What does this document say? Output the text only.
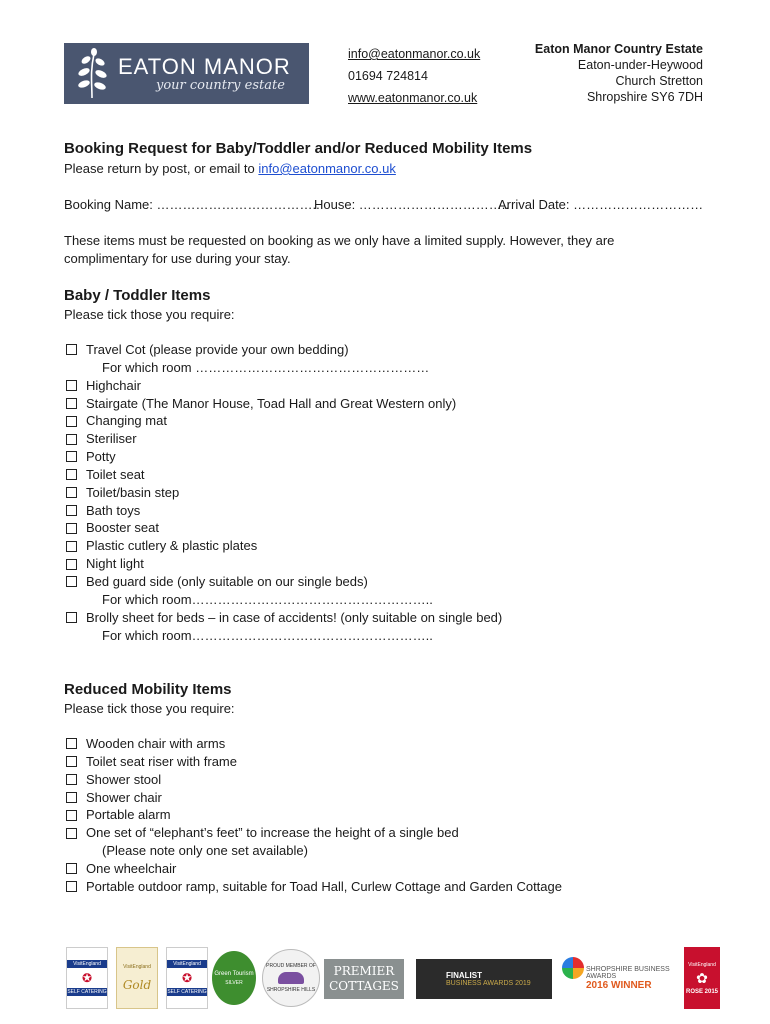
EATON MANOR
your country estate
info@eatonmanor.co.uk
01694 724814
www.eatonmanor.co.uk
Eaton Manor Country Estate
Eaton-under-Heywood
Church Stretton
Shropshire SY6 7DH
Booking Request for Baby/Toddler and/or Reduced Mobility Items
Please return by post, or email to info@eatonmanor.co.uk
Booking Name: ………………………………..
House: ……………………………..
Arrival Date: …………………………
These items must be requested on booking as we only have a limited supply. However, they are complimentary for use during your stay.
Baby / Toddler Items
Please tick those you require:
Travel Cot (please provide your own bedding)
For which room ………………………………………………
Highchair
Stairgate (The Manor House, Toad Hall and Great Western only)
Changing mat
Steriliser
Potty
Toilet seat
Toilet/basin step
Bath toys
Booster seat
Plastic cutlery & plastic plates
Night light
Bed guard side (only suitable on our single beds)
For which room………………………………………………..
Brolly sheet for beds – in case of accidents! (only suitable on single bed)
For which room………………………………………………..
Reduced Mobility Items
Please tick those you require:
Wooden chair with arms
Toilet seat riser with frame
Shower stool
Shower chair
Portable alarm
One set of “elephant’s feet” to increase the height of a single bed
(Please note only one set available)
One wheelchair
Portable outdoor ramp, suitable for Toad Hall, Curlew Cottage and Garden Cottage
VisitEngland
✪
SELF CATERING
VisitEngland
Gold
VisitEngland
✪
SELF CATERING
Green Tourism
SILVER
PROUD MEMBER OF
SHROPSHIRE HILLS
PREMIER
COTTAGES
FINALIST
BUSINESS AWARDS 2019
SHROPSHIRE BUSINESS AWARDS
2016 WINNER
VisitEngland
✿
ROSE 2015
